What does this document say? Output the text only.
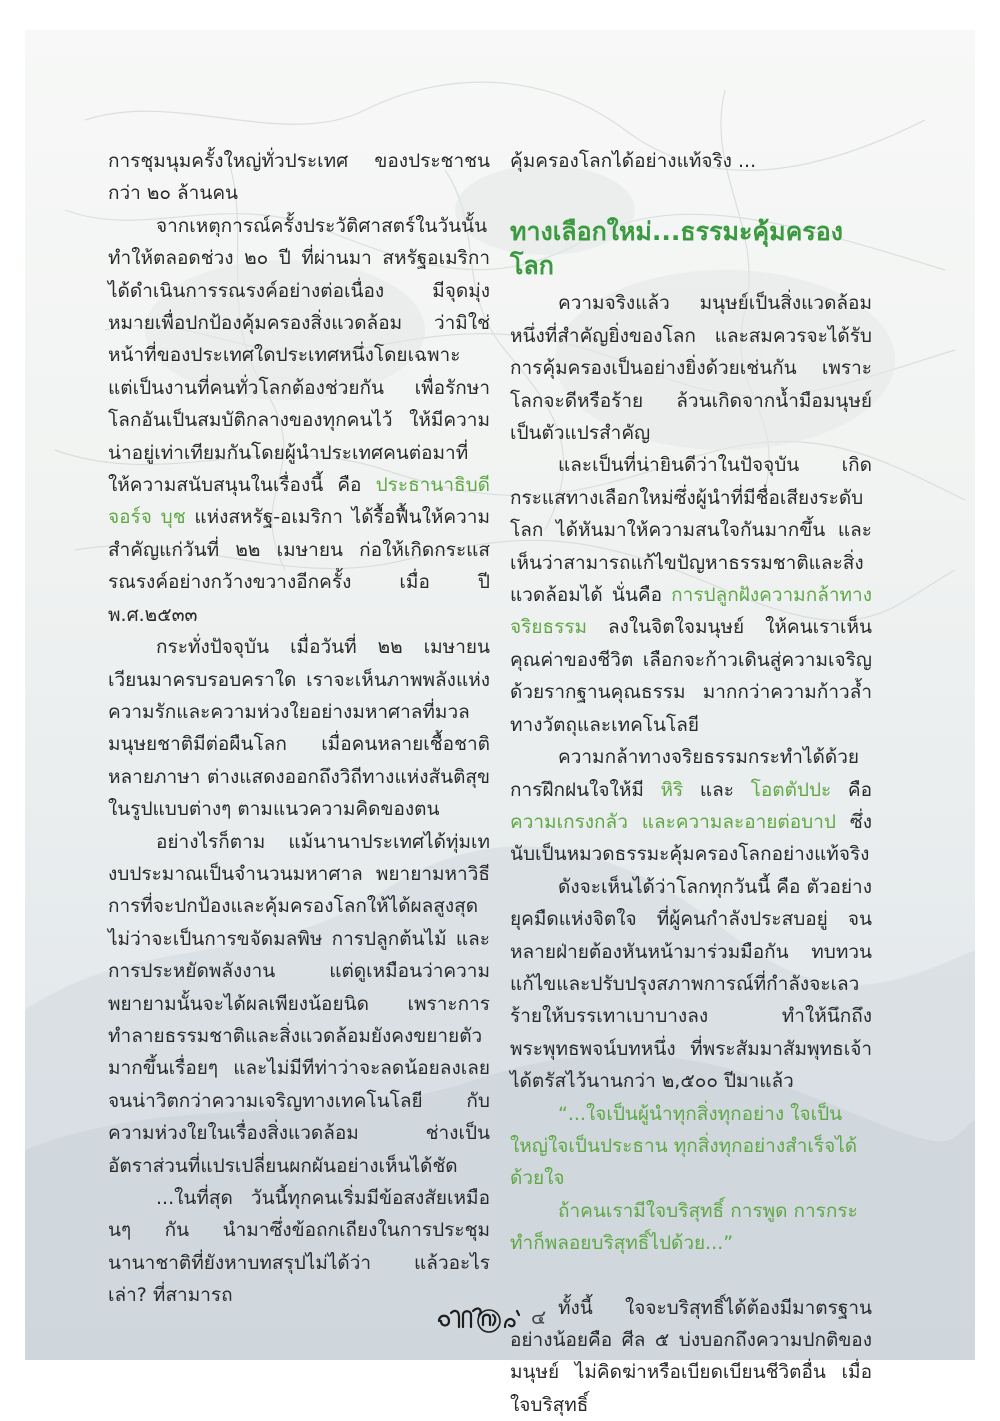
การชุมนุมครั้งใหญ่ทั่วประเทศ ของประชาชนกว่า ๒๐ ล้านคน

จากเหตุการณ์ครั้งประวัติศาสตร์ในวันนั้น ทำให้ตลอดช่วง ๒๐ ปี ที่ผ่านมา สหรัฐอเมริกาได้ดำเนินการรณรงค์อย่างต่อเนื่อง มีจุดมุ่งหมายเพื่อปกป้องคุ้มครองสิ่งแวดล้อม ว่ามิใช่หน้าที่ของประเทศใดประเทศหนึ่งโดยเฉพาะ แต่เป็นงานที่คนทั่วโลกต้องช่วยกัน เพื่อรักษาโลกอันเป็นสมบัติกลางของทุกคนไว้ ให้มีความน่าอยู่เท่าเทียมกันโดยผู้นำประเทศคนต่อมาที่ให้ความสนับสนุนในเรื่องนี้ คือ ประธานาธิบดีจอร์จ บุช แห่งสหรัฐ-อเมริกา ได้รื้อฟื้นให้ความสำคัญแก่วันที่ ๒๒ เมษายน ก่อให้เกิดกระแสรณรงค์อย่างกว้างขวางอีกครั้ง เมื่อ ปี พ.ศ.๒๕๓๓

กระทั่งปัจจุบัน เมื่อวันที่ ๒๒ เมษายน เวียนมาครบรอบคราใด เราจะเห็นภาพพลังแห่งความรักและความห่วงใยอย่างมหาศาลที่มวลมนุษยชาติมีต่อผืนโลก เมื่อคนหลายเชื้อชาติหลายภาษา ต่างแสดงออกถึงวิถีทางแห่งสันติสุขในรูปแบบต่างๆ ตามแนวความคิดของตน

อย่างไรก็ตาม แม้นานาประเทศได้ทุ่มเทงบประมาณเป็นจำนวนมหาศาล พยายามหาวิธีการที่จะปกป้องและคุ้มครองโลกให้ได้ผลสูงสุด ไม่ว่าจะเป็นการขจัดมลพิษ การปลูกต้นไม้ และการประหยัดพลังงาน แต่ดูเหมือนว่าความพยายามนั้นจะได้ผลเพียงน้อยนิด เพราะการทำลายธรรมชาติและสิ่งแวดล้อมยังคงขยายตัวมากขึ้นเรื่อยๆ และไม่มีทีท่าว่าจะลดน้อยลงเลย จนน่าวิตกว่าความเจริญทางเทคโนโลยี กับความห่วงใยในเรื่องสิ่งแวดล้อม ช่างเป็นอัตราส่วนที่แปรเปลี่ยนผกผันอย่างเห็นได้ชัด

...ในที่สุด วันนี้ทุกคนเริ่มมีข้อสงสัยเหมือนๆ กัน นำมาซึ่งข้อถกเถียงในการประชุมนานาชาติที่ยังหาบทสรุปไม่ได้ว่า แล้วอะไรเล่า? ที่สามารถ

คุ้มครองโลกได้อย่างแท้จริง ...

ทางเลือกใหม่...ธรรมะคุ้มครองโลก

ความจริงแล้ว มนุษย์เป็นสิ่งแวดล้อมหนึ่งที่สำคัญยิ่งของโลก และสมควรจะได้รับการคุ้มครองเป็นอย่างยิ่งด้วยเช่นกัน เพราะโลกจะดีหรือร้าย ล้วนเกิดจากน้ำมือมนุษย์เป็นตัวแปรสำคัญ

และเป็นที่น่ายินดีว่าในปัจจุบัน เกิดกระแสทางเลือกใหม่ซึ่งผู้นำที่มีชื่อเสียงระดับโลก ได้หันมาให้ความสนใจกันมากขึ้น และเห็นว่าสามารถแก้ไขปัญหาธรรมชาติและสิ่งแวดล้อมได้ นั่นคือ การปลูกฝังความกล้าทางจริยธรรม ลงในจิตใจมนุษย์ ให้คนเราเห็นคุณค่าของชีวิต เลือกจะก้าวเดินสู่ความเจริญด้วยรากฐานคุณธรรม มากกว่าความก้าวล้ำทางวัตถุและเทคโนโลยี

ความกล้าทางจริยธรรมกระทำได้ด้วยการฝึกฝนใจให้มี หิริ และ โอตตัปปะ คือ ความเกรงกลัว และความละอายต่อบาป ซึ่งนับเป็นหมวดธรรมะคุ้มครองโลกอย่างแท้จริง

ดังจะเห็นได้ว่าโลกทุกวันนี้ คือ ตัวอย่างยุคมืดแห่งจิตใจ ที่ผู้คนกำลังประสบอยู่ จนหลายฝ่ายต้องหันหน้ามาร่วมมือกัน ทบทวนแก้ไขและปรับปรุงสภาพการณ์ที่กำลังจะเลวร้ายให้บรรเทาเบาบางลง ทำให้นึกถึงพระพุทธพจน์บทหนึ่ง ที่พระสัมมาสัมพุทธเจ้าได้ตรัสไว้นานกว่า ๒,๕๐๐ ปีมาแล้ว

“...ใจเป็นผู้นำทุกสิ่งทุกอย่าง ใจเป็นใหญ่ใจเป็นประธาน ทุกสิ่งทุกอย่างสำเร็จได้ด้วยใจ

ถ้าคนเรามีใจบริสุทธิ์ การพูด การกระทำก็พลอยบริสุทธิ์ไปด้วย...”

ทั้งนี้ ใจจะบริสุทธิ์ได้ต้องมีมาตรฐานอย่างน้อยคือ ศีล ๕ บ่งบอกถึงความปกติของมนุษย์ ไม่คิดฆ่าหรือเบียดเบียนชีวิตอื่น เมื่อใจบริสุทธิ์

๔
